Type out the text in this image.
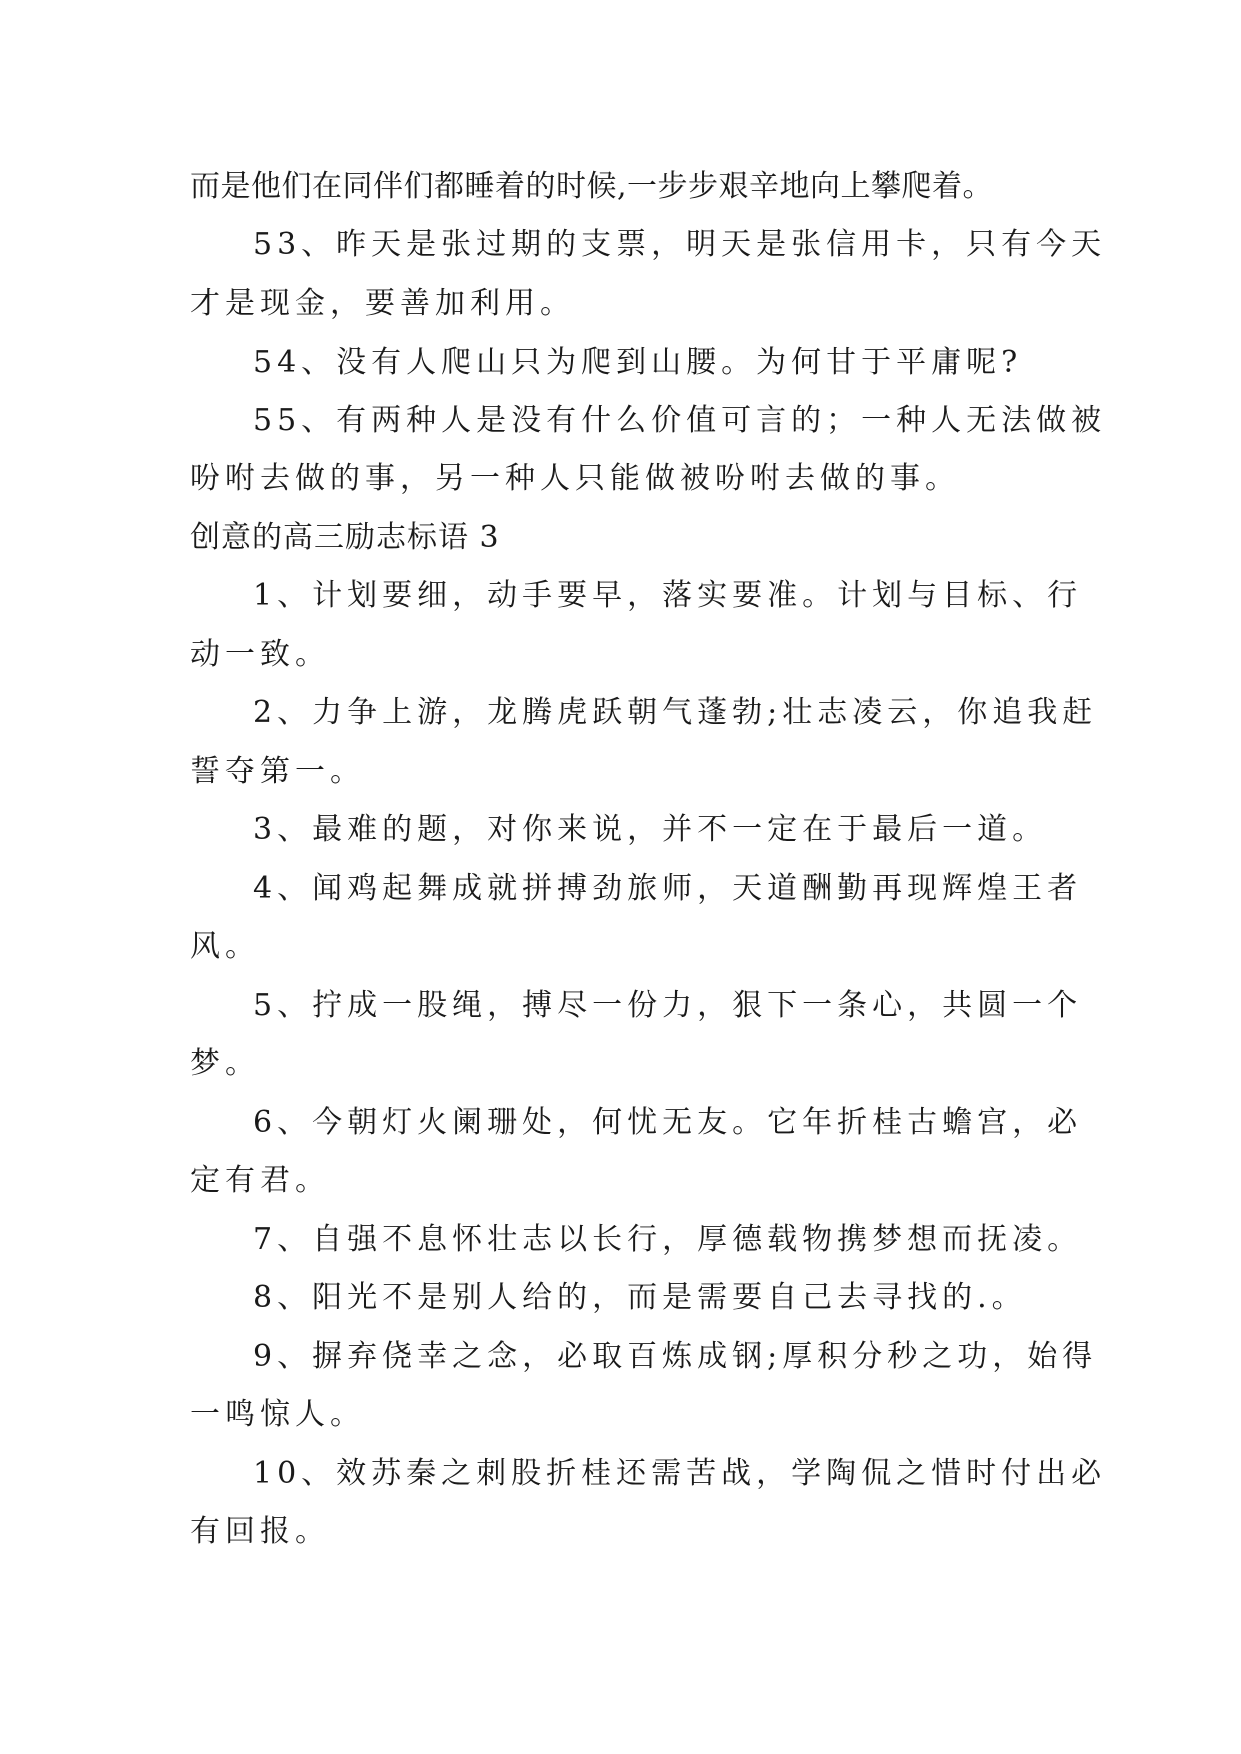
而是他们在同伴们都睡着的时候,一步步艰辛地向上攀爬着。
53、昨天是张过期的支票，明天是张信用卡，只有今天
才是现金，要善加利用。
54、没有人爬山只为爬到山腰。为何甘于平庸呢?
55、有两种人是没有什么价值可言的；一种人无法做被
吩咐去做的事，另一种人只能做被吩咐去做的事。
创意的高三励志标语 3
1、计划要细，动手要早，落实要准。计划与目标、行
动一致。
2、力争上游，龙腾虎跃朝气蓬勃;壮志凌云，你追我赶
誓夺第一。
3、最难的题，对你来说，并不一定在于最后一道。
4、闻鸡起舞成就拼搏劲旅师，天道酬勤再现辉煌王者
风。
5、拧成一股绳，搏尽一份力，狠下一条心，共圆一个
梦。
6、今朝灯火阑珊处，何忧无友。它年折桂古蟾宫，必
定有君。
7、自强不息怀壮志以长行，厚德载物携梦想而抚凌。
8、阳光不是别人给的，而是需要自己去寻找的.。
9、摒弃侥幸之念，必取百炼成钢;厚积分秒之功，始得
一鸣惊人。
10、效苏秦之刺股折桂还需苦战，学陶侃之惜时付出必
有回报。
